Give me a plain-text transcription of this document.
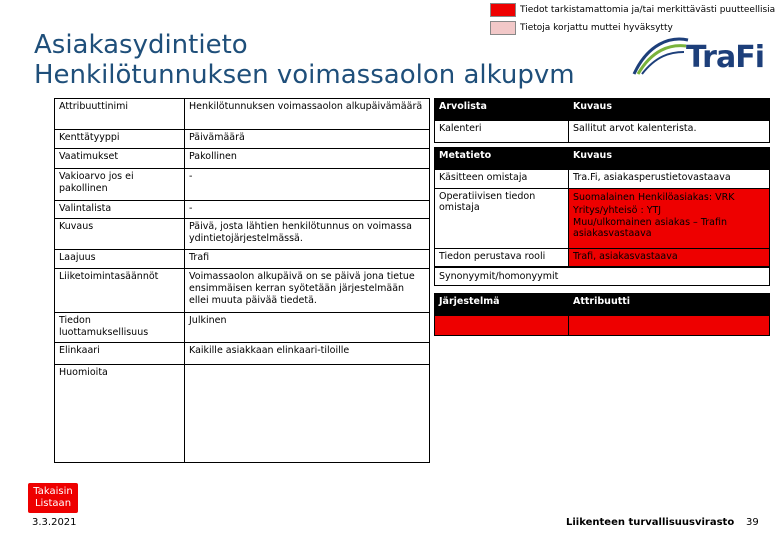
Tiedot tarkistamattomia ja/tai merkittävästi puutteellisia
Tietoja korjattu muttei hyväksytty
Asiakasydintieto
Henkilötunnuksen voimassaolon alkupvm	TraFi
Attribuuttinimi	Henkilötunnuksen voimassaolon alkupäivämäärä
Kenttätyyppi	Päivämäärä
Vaatimukset	Pakollinen
Vakioarvo jos ei pakollinen	-
Valintalista	-
Kuvaus	Päivä, josta lähtien henkilötunnus on voimassa ydintietojärjestelmässä.
Laajuus	Trafi
Liiketoimintasäännöt	Voimassaolon alkupäivä on se päivä jona tietue ensimmäisen kerran syötetään järjestelmään ellei muuta päivää tiedetä.
Tiedon luottamuksellisuus	Julkinen
Elinkaari	Kaikille asiakkaan elinkaari-tiloille
Huomioita	
Arvolista	Kuvaus
Kalenteri	Sallitut arvot kalenterista.
Metatieto	Kuvaus
Käsitteen omistaja	Tra.Fi, asiakasperustietovastaava
Operatiivisen tiedon omistaja	Suomalainen Henkilöasiakas: VRK
Yritys/yhteisö : YTJ
Muu/ulkomainen asiakas – Trafin asiakasvastaava

Tiedon perustava rooli	Trafi, asiakasvastaava
Synonyymit/homonyymit
Järjestelmä	Attribuutti

Takaisin Listaan
3.3.2021	Liikenteen turvallisuusvirasto 39
